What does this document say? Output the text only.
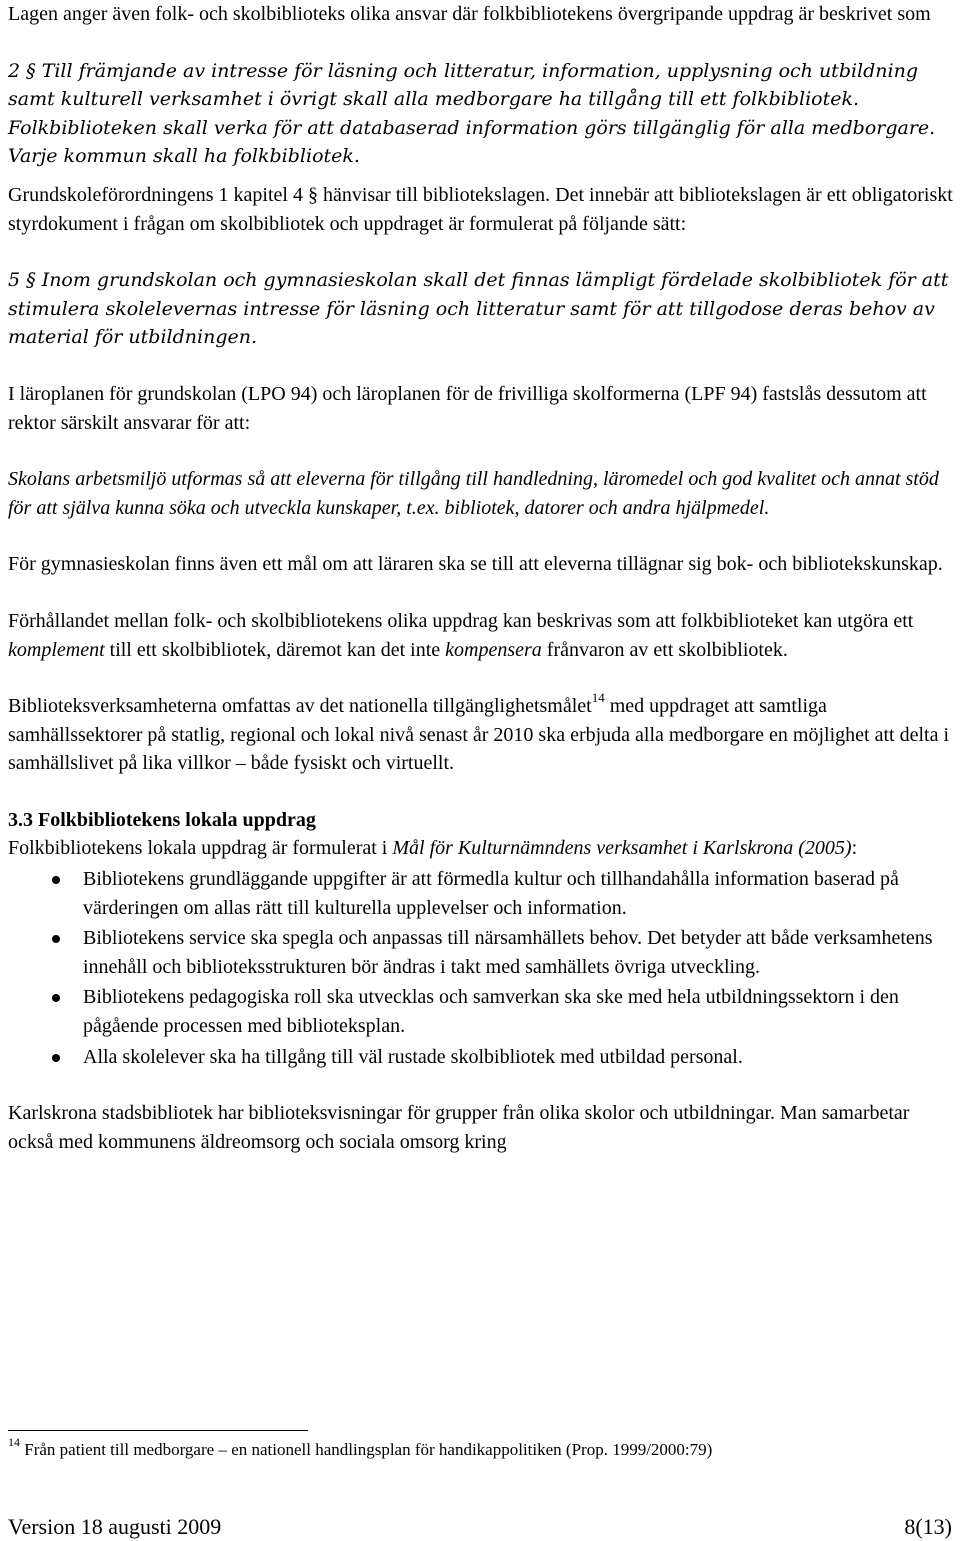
Lagen anger även folk- och skolbiblioteks olika ansvar där folkbibliotekens övergripande uppdrag är beskrivet som

2 § Till främjande av intresse för läsning och litteratur, information, upplysning och utbildning samt kulturell verksamhet i övrigt skall alla medborgare ha tillgång till ett folkbibliotek. Folkbiblioteken skall verka för att databaserad information görs tillgänglig för alla medborgare. Varje kommun skall ha folkbibliotek.

Grundskoleförordningens 1 kapitel 4 § hänvisar till bibliotekslagen. Det innebär att bibliotekslagen är ett obligatoriskt styrdokument i frågan om skolbibliotek och uppdraget är formulerat på följande sätt:

5 § Inom grundskolan och gymnasieskolan skall det finnas lämpligt fördelade skolbibliotek för att stimulera skolelevernas intresse för läsning och litteratur samt för att tillgodose deras behov av material för utbildningen.

I läroplanen för grundskolan (LPO 94) och läroplanen för de frivilliga skolformerna (LPF 94) fastslås dessutom att rektor särskilt ansvarar för att:

Skolans arbetsmiljö utformas så att eleverna för tillgång till handledning, läromedel och god kvalitet och annat stöd för att själva kunna söka och utveckla kunskaper, t.ex. bibliotek, datorer och andra hjälpmedel.

För gymnasieskolan finns även ett mål om att läraren ska se till att eleverna tillägnar sig bok- och bibliotekskunskap.

Förhållandet mellan folk- och skolbibliotekens olika uppdrag kan beskrivas som att folkbiblioteket kan utgöra ett komplement till ett skolbibliotek, däremot kan det inte kompensera frånvaron av ett skolbibliotek.

Biblioteksverksamheterna omfattas av det nationella tillgänglighetsmålet$^{14}$ med uppdraget att samtliga samhällssektorer på statlig, regional och lokal nivå senast år 2010 ska erbjuda alla medborgare en möjlighet att delta i samhällslivet på lika villkor – både fysiskt och virtuellt.

3.3 Folkbibliotekens lokala uppdrag

Folkbibliotekens lokala uppdrag är formulerat i Mål för Kulturnämndens verksamhet i Karlskrona (2005):

Bibliotekens grundläggande uppgifter är att förmedla kultur och tillhandahålla information baserad på värderingen om allas rätt till kulturella upplevelser och information.
Bibliotekens service ska spegla och anpassas till närsamhällets behov. Det betyder att både verksamhetens innehåll och biblioteksstrukturen bör ändras i takt med samhällets övriga utveckling.
Bibliotekens pedagogiska roll ska utvecklas och samverkan ska ske med hela utbildningssektorn i den pågående processen med biblioteksplan.
Alla skolelever ska ha tillgång till väl rustade skolbibliotek med utbildad personal.

Karlskrona stadsbibliotek har biblioteksvisningar för grupper från olika skolor och utbildningar. Man samarbetar också med kommunens äldreomsorg och sociala omsorg kring

$^{14}$ Från patient till medborgare – en nationell handlingsplan för handikappolitiken (Prop. 1999/2000:79)
Version 18 augusti 2009	8(13)
